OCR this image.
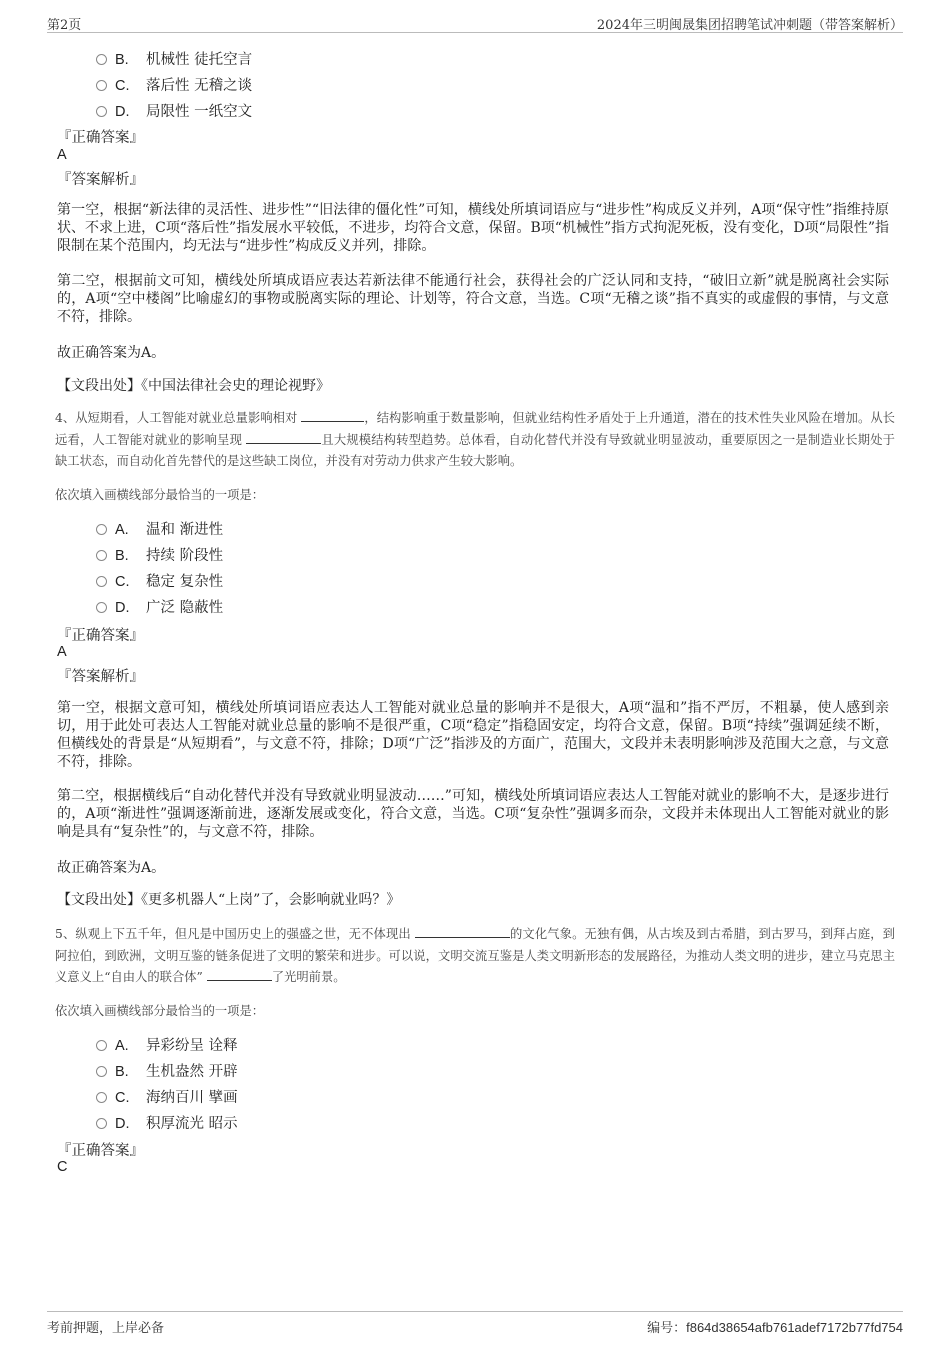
第2页	2024年三明闽晟集团招聘笔试冲刺题（带答案解析）
B. 机械性 徒托空言
C. 落后性 无稽之谈
D. 局限性 一纸空文
『正确答案』
A
『答案解析』
第一空，根据“新法律的灵活性、进步性”“旧法律的僵化性”可知，横线处所填词语应与“进步性”构成反义并列，A项“保守性”指维持原状、不求上进，C项“落后性”指发展水平较低，不进步，均符合文意，保留。B项“机械性”指方式拘泥死板，没有变化，D项“局限性”指限制在某个范围内，均无法与“进步性”构成反义并列，排除。
第二空，根据前文可知，横线处所填成语应表达若新法律不能通行社会，获得社会的广泛认同和支持，“破旧立新”就是脱离社会实际的，A项“空中楼阁”比喻虚幻的事物或脱离实际的理论、计划等，符合文意，当选。C项“无稽之谈”指不真实的或虚假的事情，与文意不符，排除。
故正确答案为A。
【文段出处】《中国法律社会史的理论视野》
4、从短期看，人工智能对就业总量影响相对	，结构影响重于数量影响，但就业结构性矛盾处于上升通道，潜在的技术性失业风险在增加。从长远看，人工智能对就业的影响呈现	且大规模结构转型趋势。总体看，自动化替代并没有导致就业明显波动，重要原因之一是制造业长期处于缺工状态，而自动化首先替代的是这些缺工岗位，并没有对劳动力供求产生较大影响。
依次填入画横线部分最恰当的一项是：
A. 温和 渐进性
B. 持续 阶段性
C. 稳定 复杂性
D. 广泛 隐蔽性
『正确答案』
A
『答案解析』
第一空，根据文意可知，横线处所填词语应表达人工智能对就业总量的影响并不是很大，A项“温和”指不严厉，不粗暴，使人感到亲切，用于此处可表达人工智能对就业总量的影响不是很严重，C项“稳定”指稳固安定，均符合文意，保留。B项“持续”强调延续不断，但横线处的背景是“从短期看”，与文意不符，排除；D项“广泛”指涉及的方面广，范围大，文段并未表明影响涉及范围大之意，与文意不符，排除。
第二空，根据横线后“自动化替代并没有导致就业明显波动……”可知，横线处所填词语应表达人工智能对就业的影响不大，是逐步进行的，A项“渐进性”强调逐渐前进，逐渐发展或变化，符合文意，当选。C项“复杂性”强调多而杂，文段并未体现出人工智能对就业的影响是具有“复杂性”的，与文意不符，排除。
故正确答案为A。
【文段出处】《更多机器人“上岗”了，会影响就业吗？》
5、纵观上下五千年，但凡是中国历史上的强盛之世，无不体现出	的文化气象。无独有偶，从古埃及到古希腊，到古罗马，到拜占庭，到阿拉伯，到欧洲，文明互鉴的链条促进了文明的繁荣和进步。可以说，文明交流互鉴是人类文明新形态的发展路径，为推动人类文明的进步，建立马克思主义意义上“自由人的联合体”	了光明前景。
依次填入画横线部分最恰当的一项是：
A. 异彩纷呈 诠释
B. 生机盎然 开辟
C. 海纳百川 擘画
D. 积厚流光 昭示
『正确答案』
C
考前押题，上岸必备	编号：f864d38654afb761adef7172b77fd754
